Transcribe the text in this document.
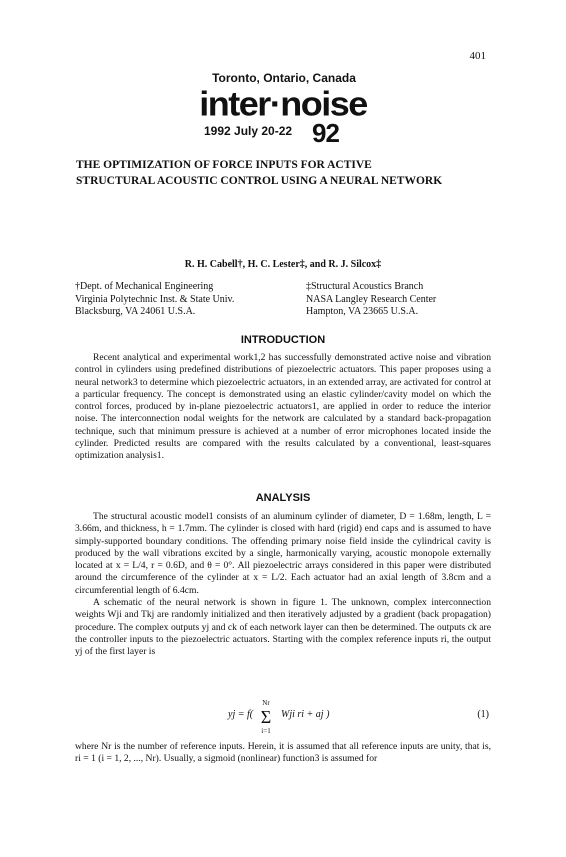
401
Toronto, Ontario, Canada
inter·noise
1992 July 20-22 92
THE OPTIMIZATION OF FORCE INPUTS FOR ACTIVE
STRUCTURAL ACOUSTIC CONTROL USING A NEURAL NETWORK
R. H. Cabell†, H. C. Lester‡, and R. J. Silcox‡
†Dept. of Mechanical Engineering
Virginia Polytechnic Inst. & State Univ.
Blacksburg, VA 24061 U.S.A.
‡Structural Acoustics Branch
NASA Langley Research Center
Hampton, VA 23665 U.S.A.
INTRODUCTION

Recent analytical and experimental work1,2 has successfully demonstrated active noise and vibration control in cylinders using predefined distributions of piezoelectric actuators. This paper proposes using a neural network3 to determine which piezoelectric actuators, in an extended array, are activated for control at a particular frequency. The concept is demonstrated using an elastic cylinder/cavity model on which the control forces, produced by in-plane piezoelectric actuators1, are applied in order to reduce the interior noise. The interconnection nodal weights for the network are calculated by a standard back-propagation technique, such that minimum pressure is achieved at a number of error microphones located inside the cylinder. Predicted results are compared with the results calculated by a conventional, least-squares optimization analysis1.

ANALYSIS

The structural acoustic model1 consists of an aluminum cylinder of diameter, D = 1.68m, length, L = 3.66m, and thickness, h = 1.7mm. The cylinder is closed with hard (rigid) end caps and is assumed to have simply-supported boundary conditions. The offending primary noise field inside the cylindrical cavity is produced by the wall vibrations excited by a single, harmonically varying, acoustic monopole externally located at x = L/4, r = 0.6D, and θ = 0°. All piezoelectric arrays considered in this paper were distributed around the circumference of the cylinder at x = L/2. Each actuator had an axial length of 3.8cm and a circumferential length of 6.4cm.

A schematic of the neural network is shown in figure 1. The unknown, complex interconnection weights Wji and Tkj are randomly initialized and then iteratively adjusted by a gradient (back propagation) procedure. The complex outputs yj and ck of each network layer can then be determined. The outputs ck are the controller inputs to the piezoelectric actuators. Starting with the complex reference inputs ri, the output yj of the first layer is

yj = f(
Nr
Σ
i=1
Wji ri + aj )	(1)

where Nr is the number of reference inputs. Herein, it is assumed that all reference inputs are unity, that is, ri = 1 (i = 1, 2, ..., Nr). Usually, a sigmoid (nonlinear) function3 is assumed for
